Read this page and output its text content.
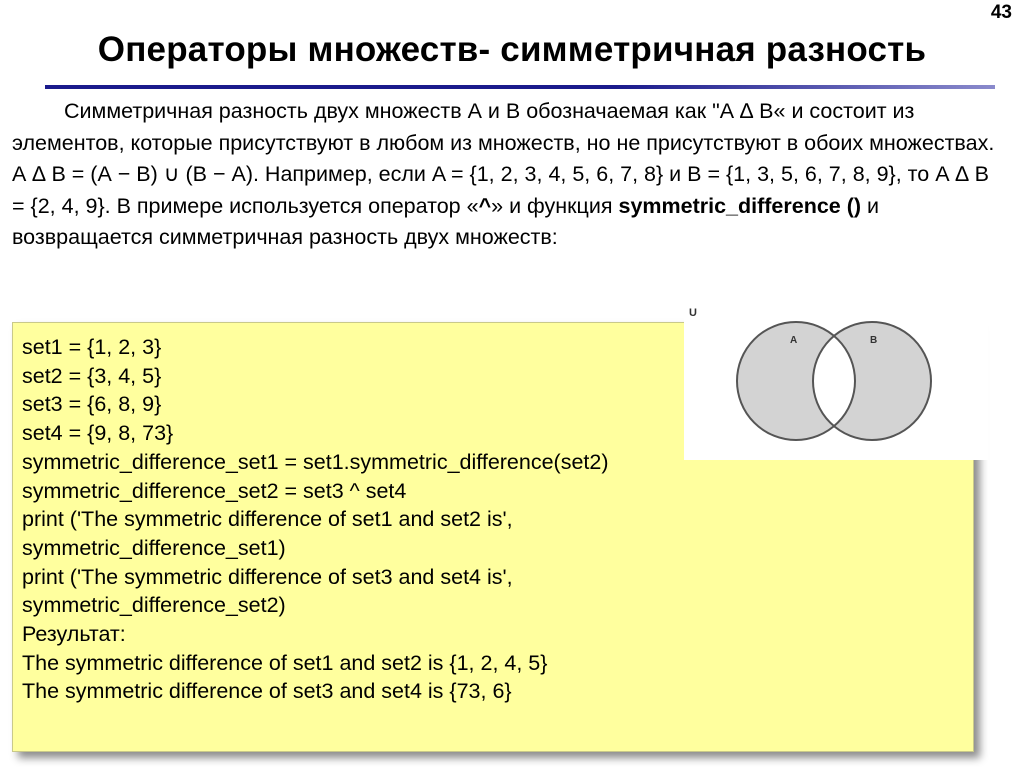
43
Операторы множеств- симметричная разность
Симметричная разность двух множеств А и В обозначаемая как "А ∆ В« и состоит из элементов, которые присутствуют в любом из множеств, но не присутствуют в обоих множествах. А ∆ В = (А − В) ∪ (В − А). Например, если A = {1, 2, 3, 4, 5, 6, 7, 8} и B = {1, 3, 5, 6, 7, 8, 9}, то А ∆ В = {2, 4, 9}. В примере используется оператор «^» и функция symmetric_difference () и возвращается симметричная разность двух множеств:
set1 = {1, 2, 3}
set2 = {3, 4, 5}
set3 = {6, 8, 9}
set4 = {9, 8, 73}
symmetric_difference_set1 = set1.symmetric_difference(set2)
symmetric_difference_set2 = set3 ^ set4
print ('The symmetric difference of set1 and set2 is',
symmetric_difference_set1)
print ('The symmetric difference of set3 and set4 is',
symmetric_difference_set2)
Результат:
The symmetric difference of set1 and set2 is {1, 2, 4, 5}
The symmetric difference of set3 and set4 is {73, 6}
U
A	B
